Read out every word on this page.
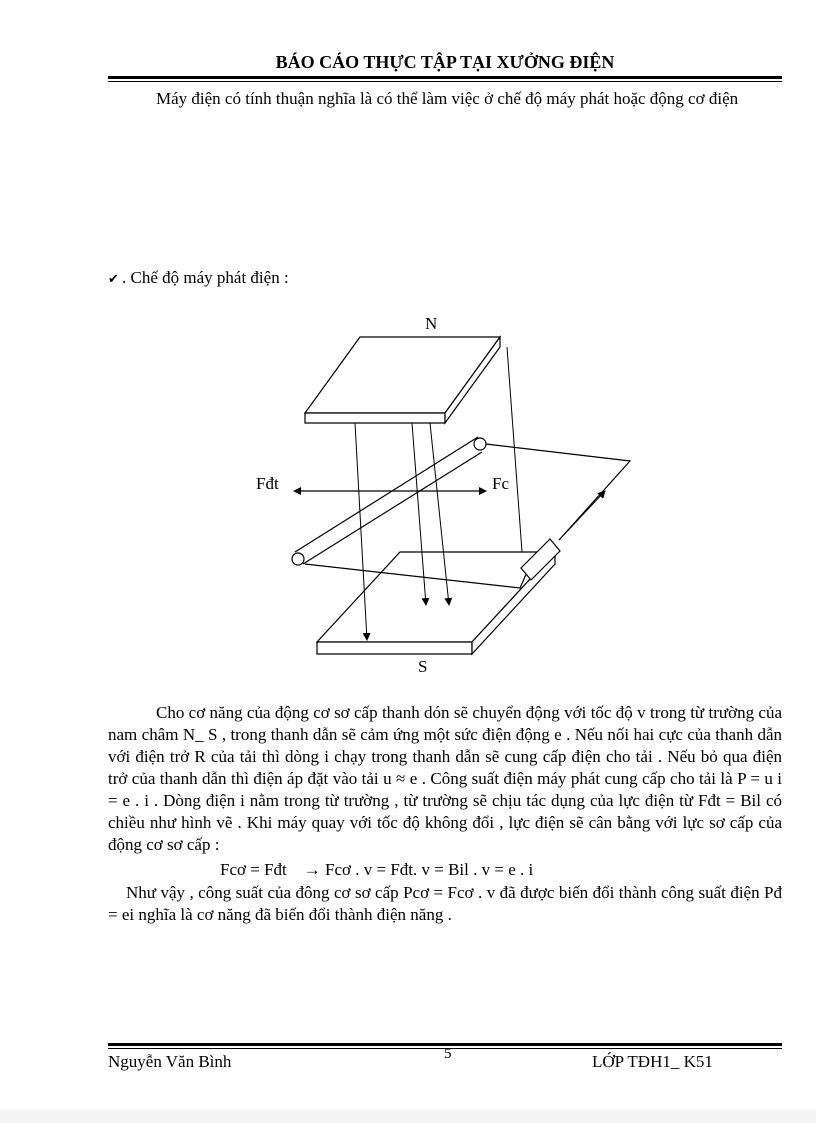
BÁO CÁO THỰC TẬP TẠI XƯỞNG ĐIỆN
Máy điện có tính thuận nghĩa là có thể làm việc ở chế độ máy phát hoặc động cơ điện
✔ . Chế độ máy phát điện :
N
S
Fđt	Fc
Cho cơ năng của động cơ sơ cấp thanh dón sẽ chuyển động với tốc độ v trong từ trường của nam châm N_ S , trong thanh dẫn sẽ cảm ứng một sức điện động e . Nếu nối hai cực của thanh dẫn với điện trở R của tải thì dòng i chạy trong thanh dẫn sẽ cung cấp điện cho tải . Nếu bỏ qua điện trở của thanh dẫn thì điện áp đặt vào tải u ≈ e . Công suất điện máy phát cung cấp cho tải là P = u i = e . i . Dòng điện i nằm trong từ trường , từ trường sẽ chịu tác dụng của lực điện từ Fđt = Bil có chiều như hình vẽ . Khi máy quay với tốc độ không đổi , lực điện sẽ cân bằng với lực sơ cấp của động cơ sơ cấp :
Fcơ = Fđt    → Fcơ . v = Fđt. v = Bil . v = e . i
Như vậy , công suất của đông cơ sơ cấp Pcơ = Fcơ . v đã được biến đổi thành công suất điện Pđ = ei nghĩa là cơ năng đã biến đổi thành điện năng .
Nguyễn Văn Bình	5	LỚP TĐH1_ K51
